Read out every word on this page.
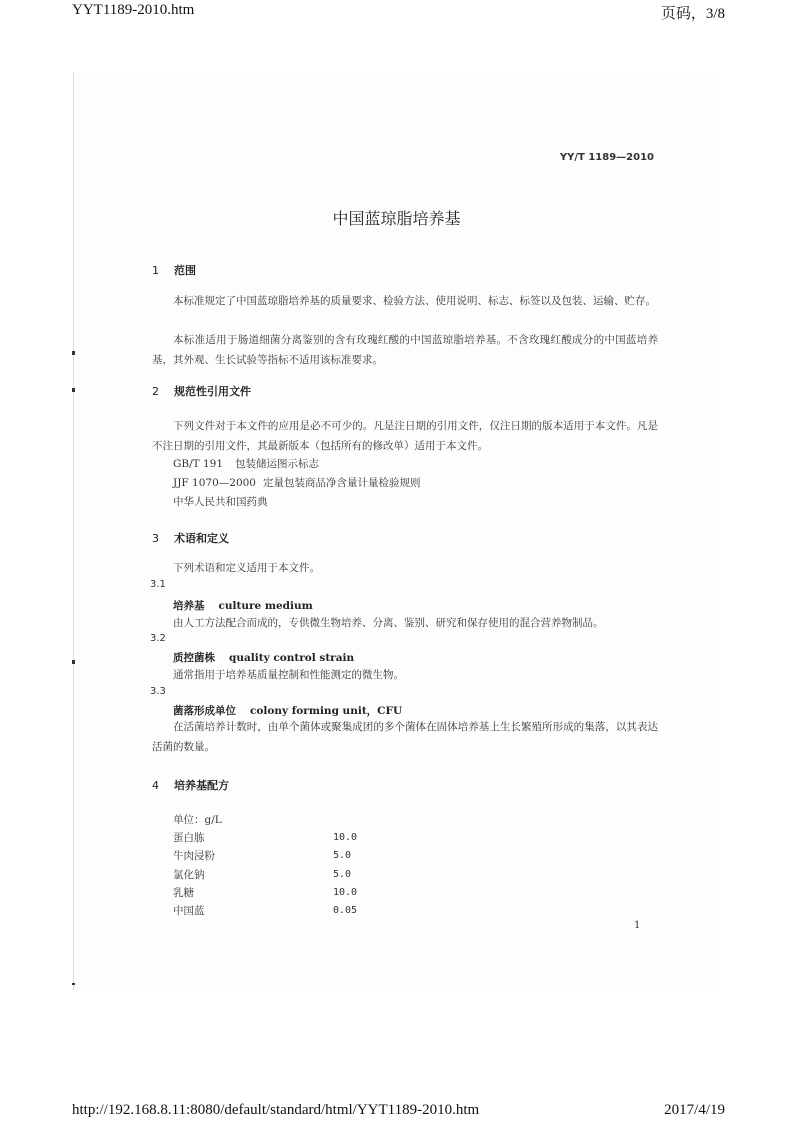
YYT1189-2010.htm	页码，3/8
YY/T 1189—2010
中国蓝琼脂培养基
1 范围
本标准规定了中国蓝琼脂培养基的质量要求、检验方法、使用说明、标志、标签以及包装、运输、贮存。
本标准适用于肠道细菌分离鉴别的含有玫瑰红酸的中国蓝琼脂培养基。不含玫瑰红酸成分的中国蓝培养基，其外观、生长试验等指标不适用该标准要求。
2 规范性引用文件
下列文件对于本文件的应用是必不可少的。凡是注日期的引用文件，仅注日期的版本适用于本文件。凡是不注日期的引用文件，其最新版本（包括所有的修改单）适用于本文件。
GB/T 191 包装储运图示标志
JJF 1070—2000 定量包装商品净含量计量检验规则
中华人民共和国药典
3 术语和定义
下列术语和定义适用于本文件。
3.1
培养基 culture medium
由人工方法配合而成的，专供微生物培养、分离、鉴别、研究和保存使用的混合营养物制品。
3.2
质控菌株 quality control strain
通常指用于培养基质量控制和性能测定的微生物。
3.3
菌落形成单位 colony forming unit，CFU
在活菌培养计数时，由单个菌体或聚集成团的多个菌体在固体培养基上生长繁殖所形成的集落，以其表达活菌的数量。
4 培养基配方
单位：g/L	
蛋白胨	10.0
牛肉浸粉	5.0
氯化钠	5.0
乳糖	10.0
中国蓝	0.05
1
http://192.168.8.11:8080/default/standard/html/YYT1189-2010.htm	2017/4/19
